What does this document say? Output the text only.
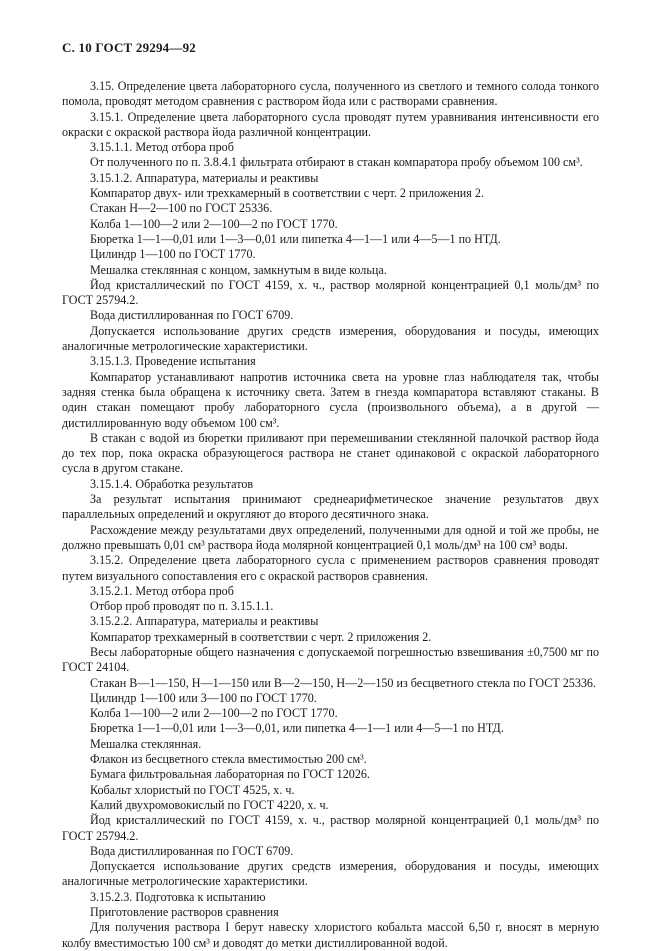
С. 10 ГОСТ 29294—92

3.15. Определение цвета лабораторного сусла, полученного из светлого и темного солода тонкого помола, проводят методом сравнения с раствором йода или с растворами сравнения.

3.15.1. Определение цвета лабораторного сусла проводят путем уравнивания интенсивности его окраски с окраской раствора йода различной концентрации.

3.15.1.1. Метод отбора проб

От полученного по п. 3.8.4.1 фильтрата отбирают в стакан компаратора пробу объемом 100 см³.

3.15.1.2. Аппаратура, материалы и реактивы

Компаратор двух- или трехкамерный в соответствии с черт. 2 приложения 2.

Стакан Н—2—100 по ГОСТ 25336.

Колба 1—100—2 или 2—100—2 по ГОСТ 1770.

Бюретка 1—1—0,01 или 1—3—0,01 или пипетка 4—1—1 или 4—5—1 по НТД.

Цилиндр 1—100 по ГОСТ 1770.

Мешалка стеклянная с концом, замкнутым в виде кольца.

Йод кристаллический по ГОСТ 4159, х. ч., раствор молярной концентрацией 0,1 моль/дм³ по ГОСТ 25794.2.

Вода дистиллированная по ГОСТ 6709.

Допускается использование других средств измерения, оборудования и посуды, имеющих аналогичные метрологические характеристики.

3.15.1.3. Проведение испытания

Компаратор устанавливают напротив источника света на уровне глаз наблюдателя так, чтобы задняя стенка была обращена к источнику света. Затем в гнезда компаратора вставляют стаканы. В один стакан помещают пробу лабораторного сусла (произвольного объема), а в другой — дистиллированную воду объемом 100 см³.

В стакан с водой из бюретки приливают при перемешивании стеклянной палочкой раствор йода до тех пор, пока окраска образующегося раствора не станет одинаковой с окраской лабораторного сусла в другом стакане.

3.15.1.4. Обработка результатов

За результат испытания принимают среднеарифметическое значение результатов двух параллельных определений и округляют до второго десятичного знака.

Расхождение между результатами двух определений, полученными для одной и той же пробы, не должно превышать 0,01 см³ раствора йода молярной концентрацией 0,1 моль/дм³ на 100 см³ воды.

3.15.2. Определение цвета лабораторного сусла с применением растворов сравнения проводят путем визуального сопоставления его с окраской растворов сравнения.

3.15.2.1. Метод отбора проб

Отбор проб проводят по п. 3.15.1.1.

3.15.2.2. Аппаратура, материалы и реактивы

Компаратор трехкамерный в соответствии с черт. 2 приложения 2.

Весы лабораторные общего назначения с допускаемой погрешностью взвешивания ±0,7500 мг по ГОСТ 24104.

Стакан В—1—150, Н—1—150 или В—2—150, Н—2—150 из бесцветного стекла по ГОСТ 25336.

Цилиндр 1—100 или 3—100 по ГОСТ 1770.

Колба 1—100—2 или 2—100—2 по ГОСТ 1770.

Бюретка 1—1—0,01 или 1—3—0,01, или пипетка 4—1—1 или 4—5—1 по НТД.

Мешалка стеклянная.

Флакон из бесцветного стекла вместимостью 200 см³.

Бумага фильтровальная лабораторная по ГОСТ 12026.

Кобальт хлористый по ГОСТ 4525, х. ч.

Калий двухромовокислый по ГОСТ 4220, х. ч.

Йод кристаллический по ГОСТ 4159, х. ч., раствор молярной концентрацией 0,1 моль/дм³ по ГОСТ 25794.2.

Вода дистиллированная по ГОСТ 6709.

Допускается использование других средств измерения, оборудования и посуды, имеющих аналогичные метрологические характеристики.

3.15.2.3. Подготовка к испытанию

Приготовление растворов сравнения

Для получения раствора I берут навеску хлористого кобальта массой 6,50 г, вносят в мерную колбу вместимостью 100 см³ и доводят до метки дистиллированной водой.
